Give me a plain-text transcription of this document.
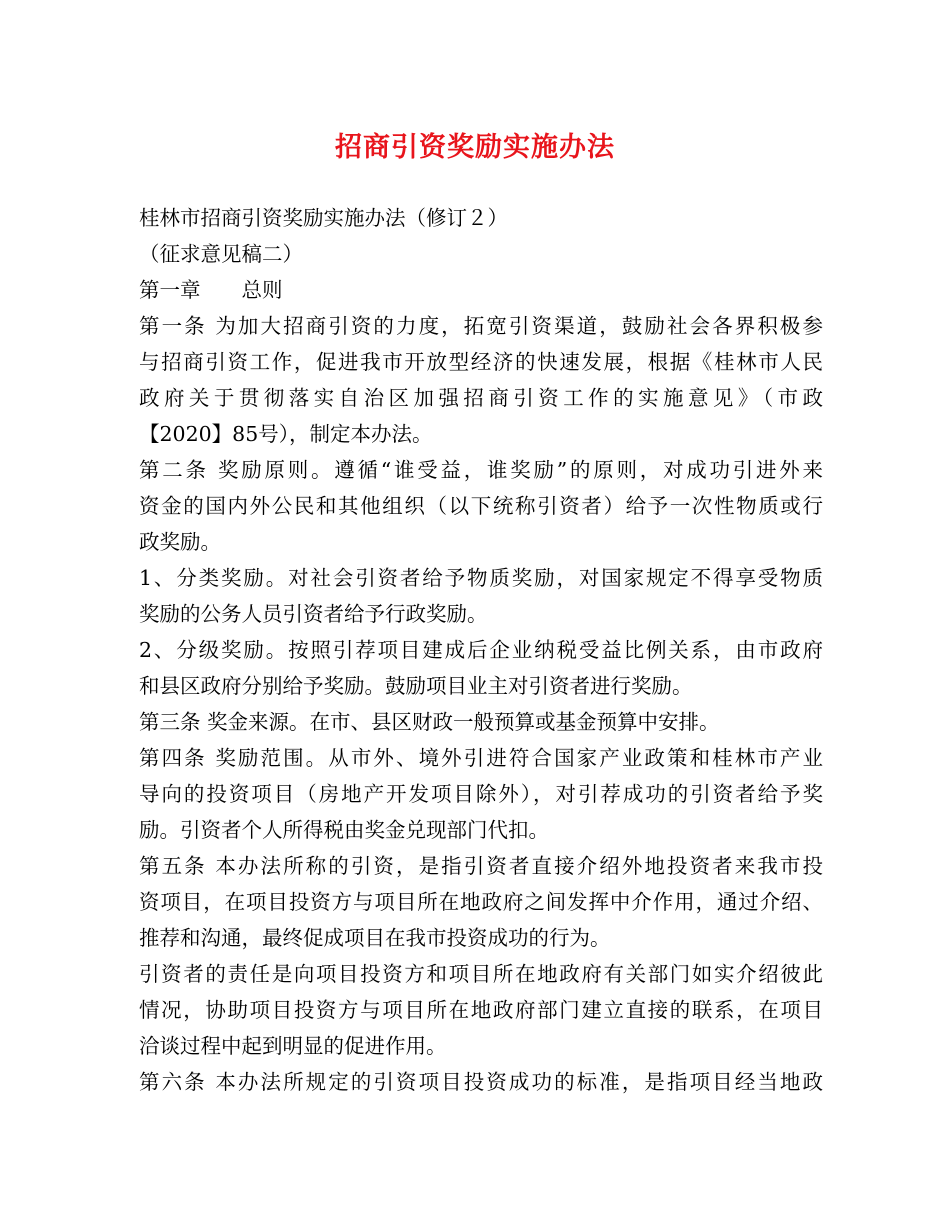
招商引资奖励实施办法
桂林市招商引资奖励实施办法（修订２）
（征求意见稿二）
第一章　　总则
第一条 为加大招商引资的力度，拓宽引资渠道，鼓励社会各界积极参
与招商引资工作，促进我市开放型经济的快速发展，根据《桂林市人民
政府关于贯彻落实自治区加强招商引资工作的实施意见》（市政
【2020】85号），制定本办法。
第二条 奖励原则。遵循“谁受益，谁奖励”的原则，对成功引进外来
资金的国内外公民和其他组织（以下统称引资者）给予一次性物质或行
政奖励。
1、分类奖励。对社会引资者给予物质奖励，对国家规定不得享受物质
奖励的公务人员引资者给予行政奖励。
2、分级奖励。按照引荐项目建成后企业纳税受益比例关系，由市政府
和县区政府分别给予奖励。鼓励项目业主对引资者进行奖励。
第三条 奖金来源。在市、县区财政一般预算或基金预算中安排。
第四条 奖励范围。从市外、境外引进符合国家产业政策和桂林市产业
导向的投资项目（房地产开发项目除外），对引荐成功的引资者给予奖
励。引资者个人所得税由奖金兑现部门代扣。
第五条 本办法所称的引资，是指引资者直接介绍外地投资者来我市投
资项目，在项目投资方与项目所在地政府之间发挥中介作用，通过介绍、
推荐和沟通，最终促成项目在我市投资成功的行为。
引资者的责任是向项目投资方和项目所在地政府有关部门如实介绍彼此
情况，协助项目投资方与项目所在地政府部门建立直接的联系，在项目
洽谈过程中起到明显的促进作用。
第六条 本办法所规定的引资项目投资成功的标准，是指项目经当地政
